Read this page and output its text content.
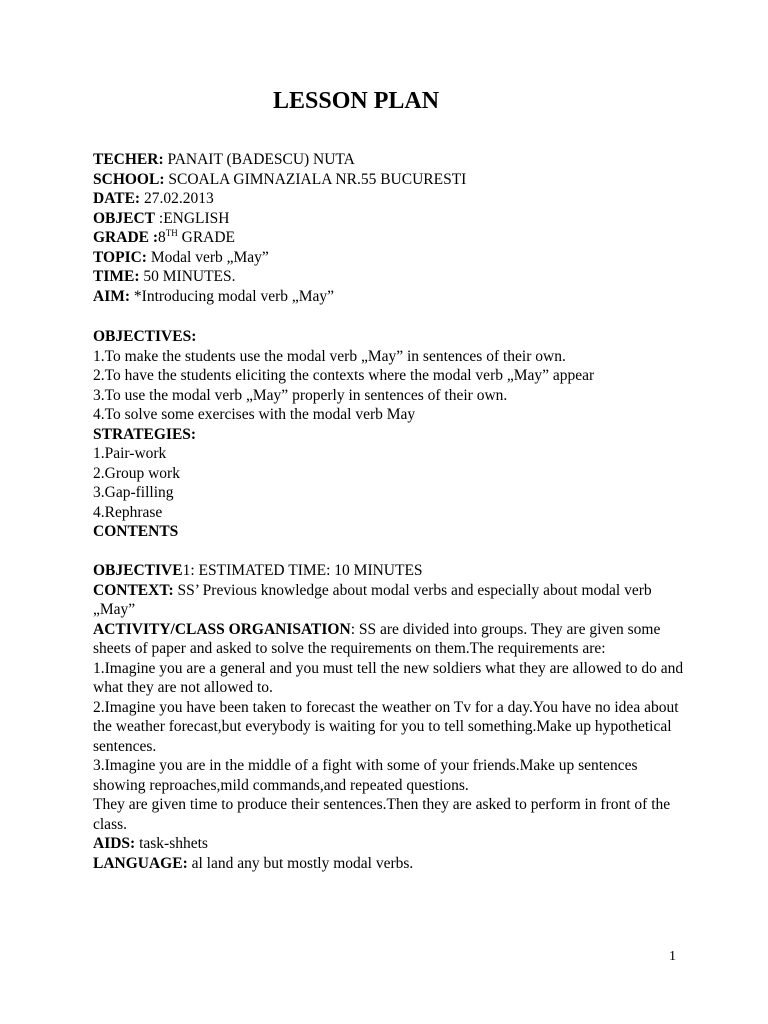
LESSON PLAN
TECHER: PANAIT (BADESCU) NUTA
SCHOOL: SCOALA GIMNAZIALA NR.55 BUCURESTI
DATE: 27.02.2013
OBJECT :ENGLISH
GRADE :8TH GRADE
TOPIC: Modal verb „May”
TIME: 50 MINUTES.
AIM: *Introducing modal verb „May”
OBJECTIVES:
1.To make the students use the modal verb „May” in sentences of their own.
2.To have the students eliciting the contexts where the modal verb „May” appear
3.To use the modal verb „May” properly in sentences of their own.
4.To solve some exercises with the modal verb May
STRATEGIES:
1.Pair-work
2.Group work
3.Gap-filling
4.Rephrase
CONTENTS
OBJECTIVE1: ESTIMATED TIME: 10 MINUTES
CONTEXT: SS’ Previous knowledge about modal verbs and especially about modal verb „May”
ACTIVITY/CLASS ORGANISATION: SS are divided into groups. They are given some sheets of paper and asked to solve the requirements on them.The requirements are:
1.Imagine you are a general and you must tell the new soldiers what they are allowed to do and what they are not allowed to.
2.Imagine you have been taken to forecast the weather on Tv for a day.You have no idea about the weather forecast,but everybody is waiting for you to tell something.Make up hypothetical sentences.
3.Imagine you are in the middle of a fight with some of your friends.Make up sentences showing reproaches,mild commands,and repeated questions.
They are given time to produce their sentences.Then they are asked to perform in front of the class.
AIDS: task-shhets
LANGUAGE: al land any but mostly modal verbs.
1
